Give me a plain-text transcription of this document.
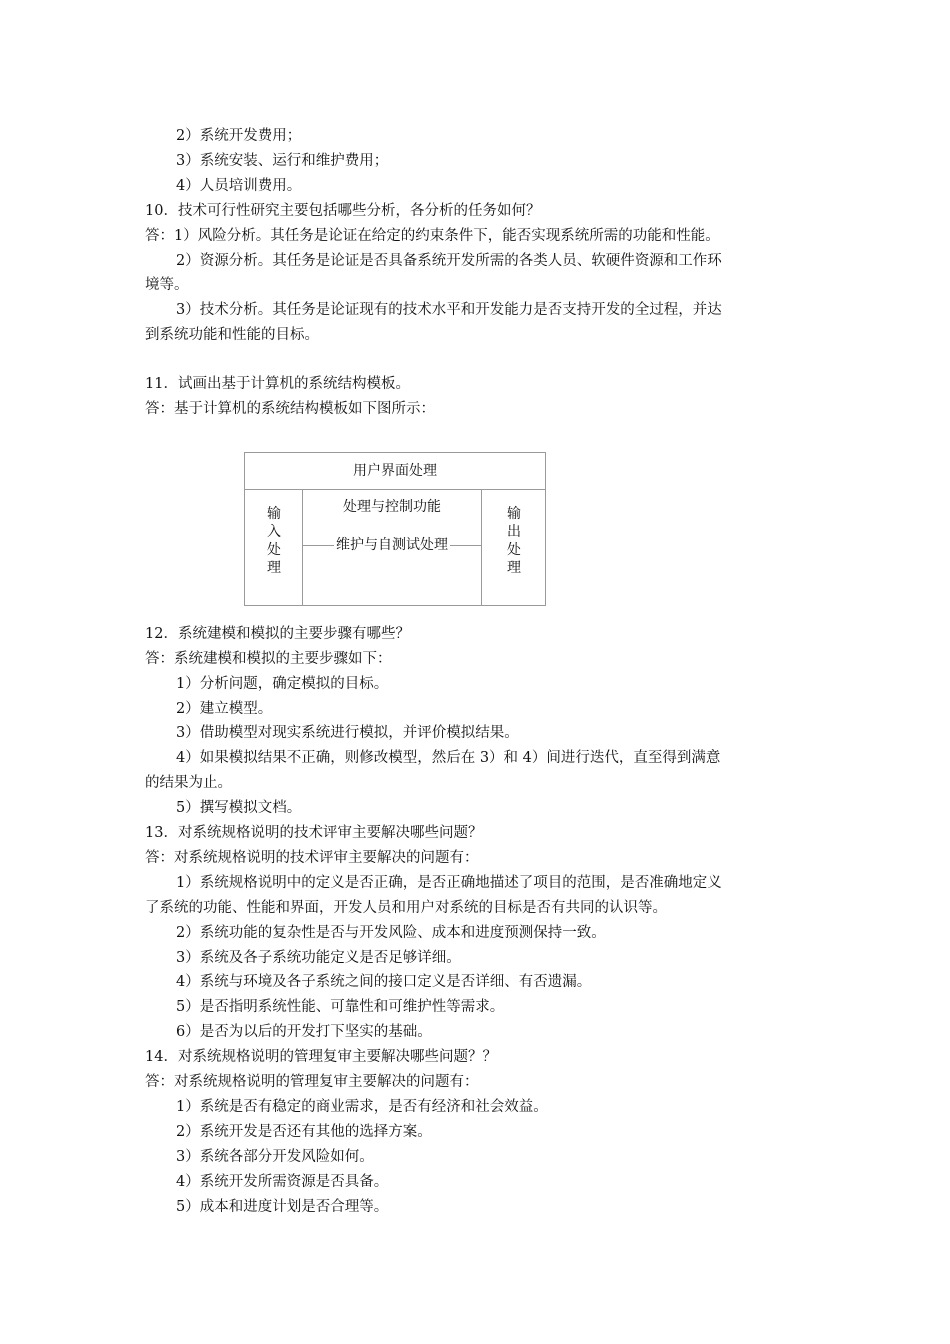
2）系统开发费用；
3）系统安装、运行和维护费用；
4）人员培训费用。
10．技术可行性研究主要包括哪些分析，各分析的任务如何？
答：1）风险分析。其任务是论证在给定的约束条件下，能否实现系统所需的功能和性能。
2）资源分析。其任务是论证是否具备系统开发所需的各类人员、软硬件资源和工作环
境等。
3）技术分析。其任务是论证现有的技术水平和开发能力是否支持开发的全过程，并达
到系统功能和性能的目标。
11．试画出基于计算机的系统结构模板。
答：基于计算机的系统结构模板如下图所示：
12．系统建模和模拟的主要步骤有哪些？
答：系统建模和模拟的主要步骤如下：
1）分析问题，确定模拟的目标。
2）建立模型。
3）借助模型对现实系统进行模拟，并评价模拟结果。
4）如果模拟结果不正确，则修改模型，然后在 3）和 4）间进行迭代，直至得到满意
的结果为止。
5）撰写模拟文档。
13．对系统规格说明的技术评审主要解决哪些问题？
答：对系统规格说明的技术评审主要解决的问题有：
1）系统规格说明中的定义是否正确，是否正确地描述了项目的范围，是否准确地定义
了系统的功能、性能和界面，开发人员和用户对系统的目标是否有共同的认识等。
2）系统功能的复杂性是否与开发风险、成本和进度预测保持一致。
3）系统及各子系统功能定义是否足够详细。
4）系统与环境及各子系统之间的接口定义是否详细、有否遗漏。
5）是否指明系统性能、可靠性和可维护性等需求。
6）是否为以后的开发打下坚实的基础。
14．对系统规格说明的管理复审主要解决哪些问题？？
答：对系统规格说明的管理复审主要解决的问题有：
1）系统是否有稳定的商业需求，是否有经济和社会效益。
2）系统开发是否还有其他的选择方案。
3）系统各部分开发风险如何。
4）系统开发所需资源是否具备。
5）成本和进度计划是否合理等。
用户界面处理
输
入
处
理
输
出
处
理
处理与控制功能
维护与自测试处理
